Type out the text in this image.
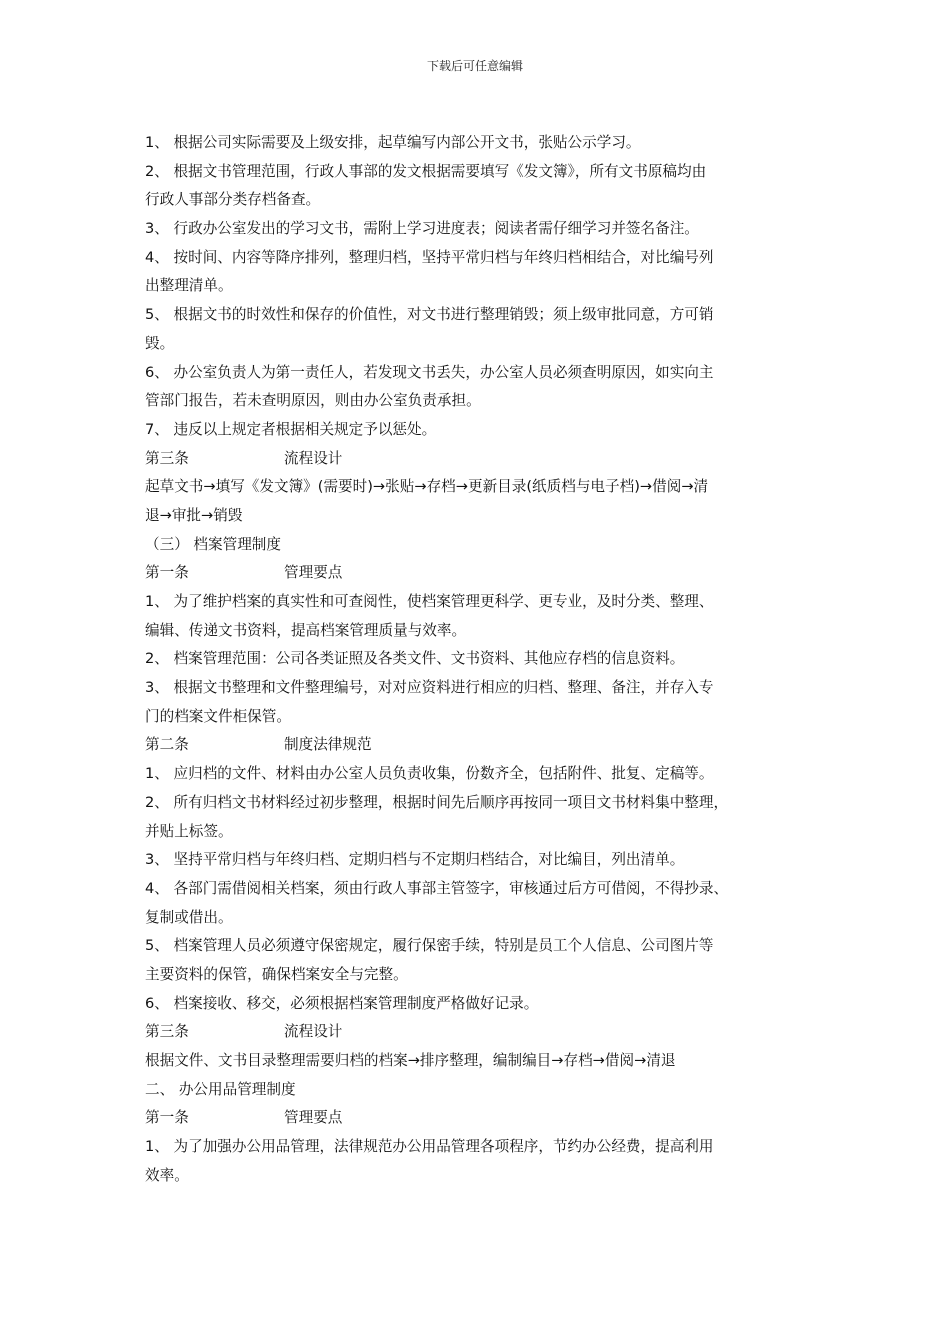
下载后可任意编辑
1、 根据公司实际需要及上级安排，起草编写内部公开文书，张贴公示学习。
2、 根据文书管理范围，行政人事部的发文根据需要填写《发文簿》，所有文书原稿均由
行政人事部分类存档备查。
3、 行政办公室发出的学习文书，需附上学习进度表；阅读者需仔细学习并签名备注。
4、 按时间、内容等降序排列，整理归档，坚持平常归档与年终归档相结合，对比编号列
出整理清单。
5、 根据文书的时效性和保存的价值性，对文书进行整理销毁；须上级审批同意，方可销
毁。
6、 办公室负责人为第一责任人，若发现文书丢失，办公室人员必须查明原因，如实向主
管部门报告，若未查明原因，则由办公室负责承担。
7、 违反以上规定者根据相关规定予以惩处。
第三条	流程设计
起草文书→填写《发文簿》(需要时)→张贴→存档→更新目录(纸质档与电子档)→借阅→清
退→审批→销毁
（三） 档案管理制度
第一条	管理要点
1、 为了维护档案的真实性和可查阅性，使档案管理更科学、更专业，及时分类、整理、
编辑、传递文书资料，提高档案管理质量与效率。
2、 档案管理范围：公司各类证照及各类文件、文书资料、其他应存档的信息资料。
3、 根据文书整理和文件整理编号，对对应资料进行相应的归档、整理、备注，并存入专
门的档案文件柜保管。
第二条	制度法律规范
1、 应归档的文件、材料由办公室人员负责收集，份数齐全，包括附件、批复、定稿等。
2、 所有归档文书材料经过初步整理，根据时间先后顺序再按同一项目文书材料集中整理，
并贴上标签。
3、 坚持平常归档与年终归档、定期归档与不定期归档结合，对比编目，列出清单。
4、 各部门需借阅相关档案，须由行政人事部主管签字，审核通过后方可借阅，不得抄录、
复制或借出。
5、 档案管理人员必须遵守保密规定，履行保密手续，特别是员工个人信息、公司图片等
主要资料的保管，确保档案安全与完整。
6、 档案接收、移交，必须根据档案管理制度严格做好记录。
第三条	流程设计
根据文件、文书目录整理需要归档的档案→排序整理，编制编目→存档→借阅→清退
二、 办公用品管理制度
第一条	管理要点
1、 为了加强办公用品管理，法律规范办公用品管理各项程序，节约办公经费，提高利用
效率。
